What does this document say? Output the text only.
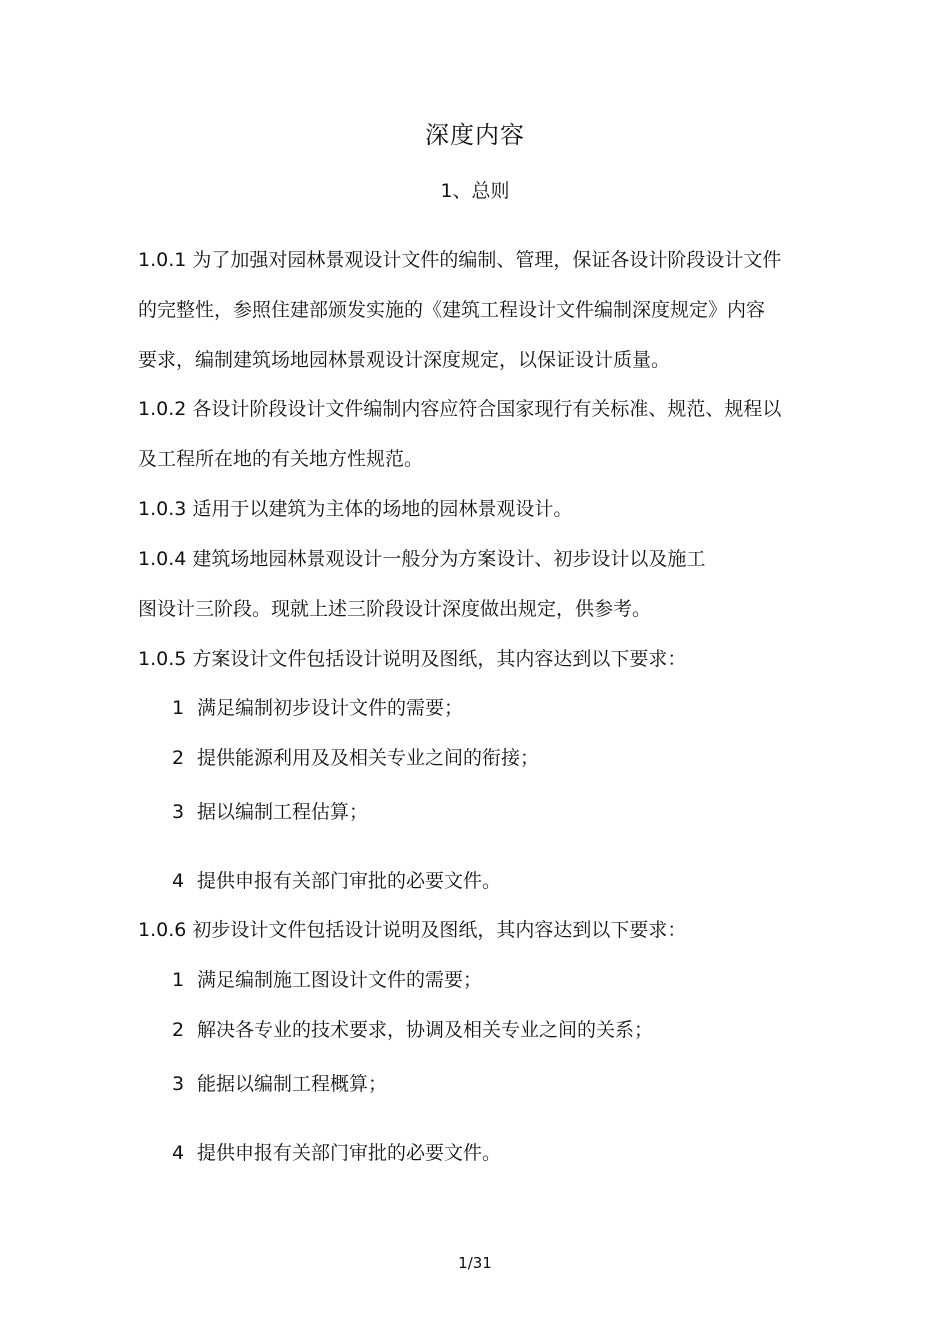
深度内容
1、总则
1.0.1 为了加强对园林景观设计文件的编制、管理，保证各设计阶段设计文件
的完整性，参照住建部颁发实施的《建筑工程设计文件编制深度规定》内容
要求，编制建筑场地园林景观设计深度规定，以保证设计质量。
1.0.2 各设计阶段设计文件编制内容应符合国家现行有关标准、规范、规程以
及工程所在地的有关地方性规范。
1.0.3 适用于以建筑为主体的场地的园林景观设计。
1.0.4 建筑场地园林景观设计一般分为方案设计、初步设计以及施工
图设计三阶段。现就上述三阶段设计深度做出规定，供参考。
1.0.5 方案设计文件包括设计说明及图纸，其内容达到以下要求：
1 满足编制初步设计文件的需要；
2 提供能源利用及及相关专业之间的衔接；
3 据以编制工程估算；
4 提供申报有关部门审批的必要文件。
1.0.6 初步设计文件包括设计说明及图纸，其内容达到以下要求：
1 满足编制施工图设计文件的需要；
2 解决各专业的技术要求，协调及相关专业之间的关系；
3 能据以编制工程概算；
4 提供申报有关部门审批的必要文件。
1/31
